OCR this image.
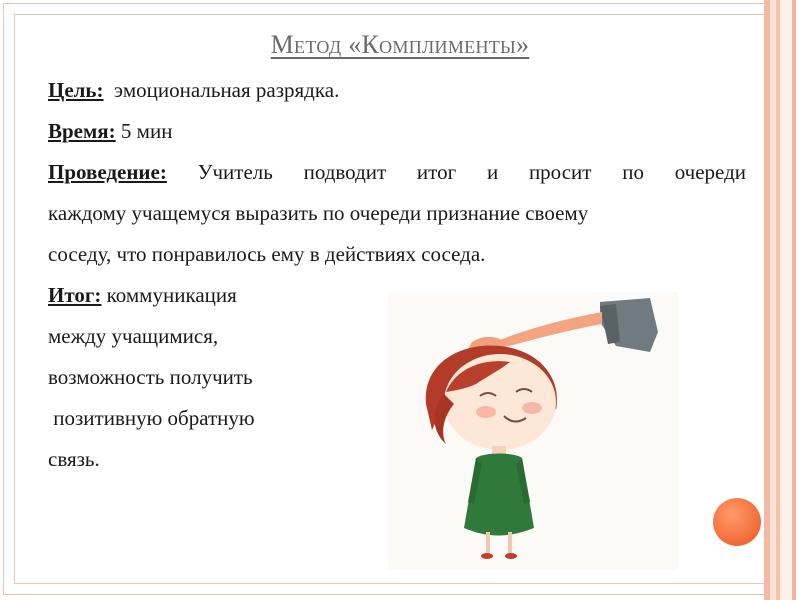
Метод «Комплименты»
Цель: эмоциональная разрядка.
Время: 5 мин
Проведение: Учитель подводит итог и просит по очереди
каждому учащемуся выразить по очереди признание своему
соседу, что понравилось ему в действиях соседа.
Итог: коммуникация
между учащимися,
возможность получить
позитивную обратную
связь.
